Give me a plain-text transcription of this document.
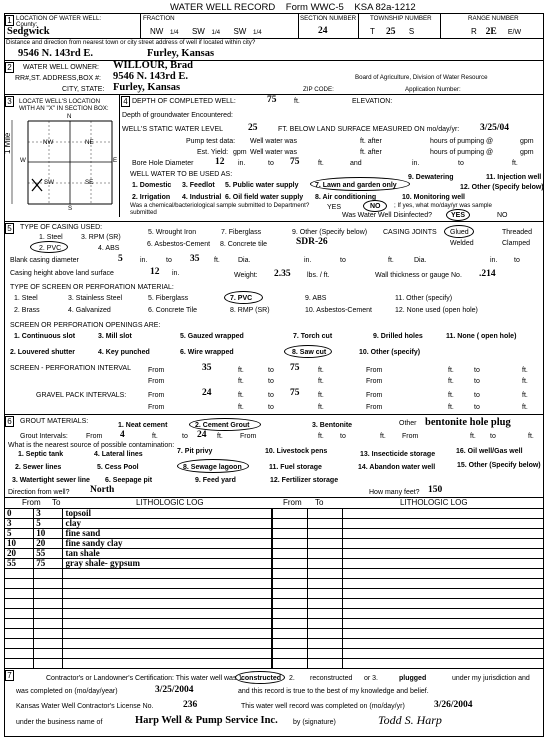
WATER WELL RECORD Form WWC-5 KSA 82a-1212
1 LOCATION OF WATER WELL:
County:
Sedgwick
FRACTION
NW 1/4 SW 1/4 SW 1/4
SECTION NUMBER
24
TOWNSHIP NUMBER
T 25 S
RANGE NUMBER
R 2E E/W
Distance and direction from nearest town or city street address of well if located within city?
9546 N. 143rd E.	Furley, Kansas
2	WATER WELL OWNER: WILLOUR, Brad
RR#,ST. ADDRESS,BOX #: 9546 N. 143rd E.	Board of Agriculture, Division of Water Resource
CITY, STATE: Furley, Kansas	ZIP CODE:	Application Number:
3	LOCATE WELL'S LOCATION
WITH AN "X" IN SECTION BOX:
N
S
W	E
NW	NE
SW	SE
1 Mile
4 DEPTH OF COMPLETED WELL:	75	ft.	ELEVATION:
Depth of groundwater Encountered:
WELL'S STATIC WATER LEVEL	25	FT. BELOW LAND SURFACE MEASURED ON mo/day/yr: 3/25/04
Pump test data: Well water was	ft. after	hours of pumping @	gpm
Est. Yield: gpm Well water was	ft. after	hours of pumping @	gpm
Bore Hole Diameter 12 in.	to 75	ft.	and	in.	to	ft.
WELL WATER TO BE USED AS:
1. Domestic 3. Feedlot 5. Public water supply 7. Lawn and garden only
9. Dewatering	11. Injection well
12. Other (Specify below)
2. Irrigation 4. Industrial 6. Oil field water supply 8. Air conditioning	10. Monitoring well
Was a chemical/bacteriological sample submitted to Department?
submitted
YES	NO ; If yes, what mo/day/yr was sample
Was Water Well Disinfected?	YES	NO
5	TYPE OF CASING USED:
1. Steel	3. RPM (SR)
5. Wrought Iron	7. Fiberglass	9. Other (Specify below)
2. PVC	4. ABS
6. Asbestos-Cement 8. Concrete tile	SDR-26
CASING JOINTS Glued	Threaded
Welded	Clamped
Blank casing diameter	5 in.	to 35 ft.	Dia.	in.	to	ft.	Dia.	in. to
Casing height above land surface	12 in.	Weight: 2.35 lbs. / ft.	Wall thickness or gauge No. .214
TYPE OF SCREEN OR PERFORATION MATERIAL:
1. Steel	3. Stainless Steel	5. Fiberglass	7. PVC	9. ABS	11. Other (specify)
2. Brass	4. Galvanized	6. Concrete Tile	8. RMP (SR)	10. Asbestos-Cement	12. None used (open hole)
SCREEN OR PERFORATION OPENINGS ARE:
1. Continuous slot	3. Mill slot	5. Gauzed wrapped	7. Torch cut	9. Drilled holes	11. None ( open hole)
2. Louvered shutter	4. Key punched	6. Wire wrapped	8. Saw cut	10. Other (specify)
SCREEN - PERFORATION INTERVAL From	35	ft.	to 75	ft.	From	ft.	to	ft.
From	ft.	to	ft.	From	ft.	to	ft.
GRAVEL PACK INTERVALS:	From	24	ft.	to 75	ft.	From	ft.	to	ft.
From	ft.	to	ft.	From	ft.	to	ft.
6	GROUT MATERIALS:
1. Neat cement	2. Cement Grout	3. Bentonite	Other bentonite hole plug
Grout Intervals:	From 4	ft.	to 24 ft. From	ft. to	ft. From	ft. to	ft.
What is the nearest source of possible contamination:
1. Septic tank	4. Lateral lines	7. Pit privy	10. Livestock pens	13. Insecticide storage	16. Oil well/Gas well
2. Sewer lines	5. Cess Pool	8. Sewage lagoon	11. Fuel storage	14. Abandon water well	15. Other (Specify below)
3. Watertight sewer line 6. Seepage pit	9. Feed yard	12. Fertilizer storage
Direction from well? North	How many feet? 150
From To	LITHOLOGIC LOG	From To	LITHOLOGIC LOG
0	3	topsoil
3	5	clay
5	10	fine sand
10	20	fine sandy clay
20	55	tan shale
55	75	gray shale- gypsum

7	Contractor's or Landowner's Certification: This water well was 1.
constructed 2. reconstructed or 3.	plugged	under my jurisdiction and
was completed on (mo/day/year)	3/25/2004	and this record is true to the best of my knowledge and belief.
Kansas Water Well Contractor's License No.	236	This water well record was completed on (mo/day/yr)	3/26/2004
under the business name of	Harp Well & Pump Service Inc. by (signature)	Todd S. Harp
